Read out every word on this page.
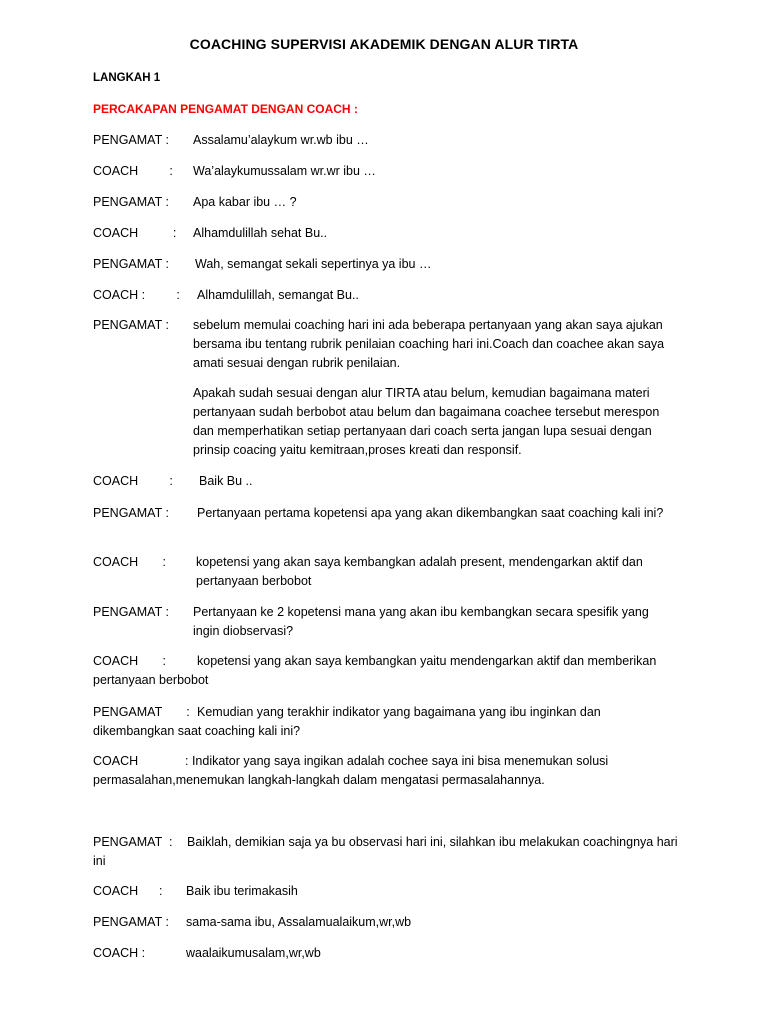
COACHING SUPERVISI AKADEMIK DENGAN ALUR TIRTA
LANGKAH 1
PERCAKAPAN PENGAMAT DENGAN COACH :
PENGAMAT : Assalamu’alaykum wr.wb ibu …
COACH         : Wa’alaykumussalam wr.wr ibu …
PENGAMAT : Apa kabar ibu … ?
COACH          : Alhamdulillah sehat Bu..
PENGAMAT : Wah, semangat sekali sepertinya ya ibu …
COACH :         : Alhamdulillah, semangat Bu..
PENGAMAT : sebelum memulai coaching hari ini ada beberapa pertanyaan yang akan saya ajukan bersama ibu tentang rubrik penilaian coaching hari ini.Coach dan coachee akan saya amati sesuai dengan rubrik penilaian.
Apakah sudah sesuai dengan alur TIRTA atau belum, kemudian bagaimana materi pertanyaan sudah berbobot atau belum dan bagaimana coachee tersebut merespon dan memperhatikan setiap pertanyaan dari coach serta jangan lupa sesuai dengan prinsip coacing yaitu kemitraan,proses kreati dan responsif.
COACH         : Baik Bu ..
PENGAMAT :	Pertanyaan pertama kopetensi apa yang akan dikembangkan saat coaching kali ini?
COACH       : kopetensi yang akan saya kembangkan adalah present, mendengarkan aktif dan pertanyaan berbobot
PENGAMAT : Pertanyaan ke 2 kopetensi mana yang akan ibu kembangkan secara spesifik yang ingin diobservasi?
COACH       :	kopetensi yang akan saya kembangkan yaitu mendengarkan aktif dan memberikan pertanyaan berbobot
PENGAMAT       : Kemudian yang terakhir indikator yang bagaimana yang ibu inginkan dan dikembangkan saat coaching kali ini?
COACH	: Indikator yang saya ingikan adalah cochee saya ini bisa menemukan solusi permasalahan,menemukan langkah-langkah dalam mengatasi permasalahannya.
PENGAMAT  :	Baiklah, demikian saja ya bu observasi hari ini, silahkan ibu melakukan coachingnya hari ini
COACH      : Baik ibu terimakasih
PENGAMAT : sama-sama ibu, Assalamualaikum,wr,wb
COACH :	waalaikumusalam,wr,wb
